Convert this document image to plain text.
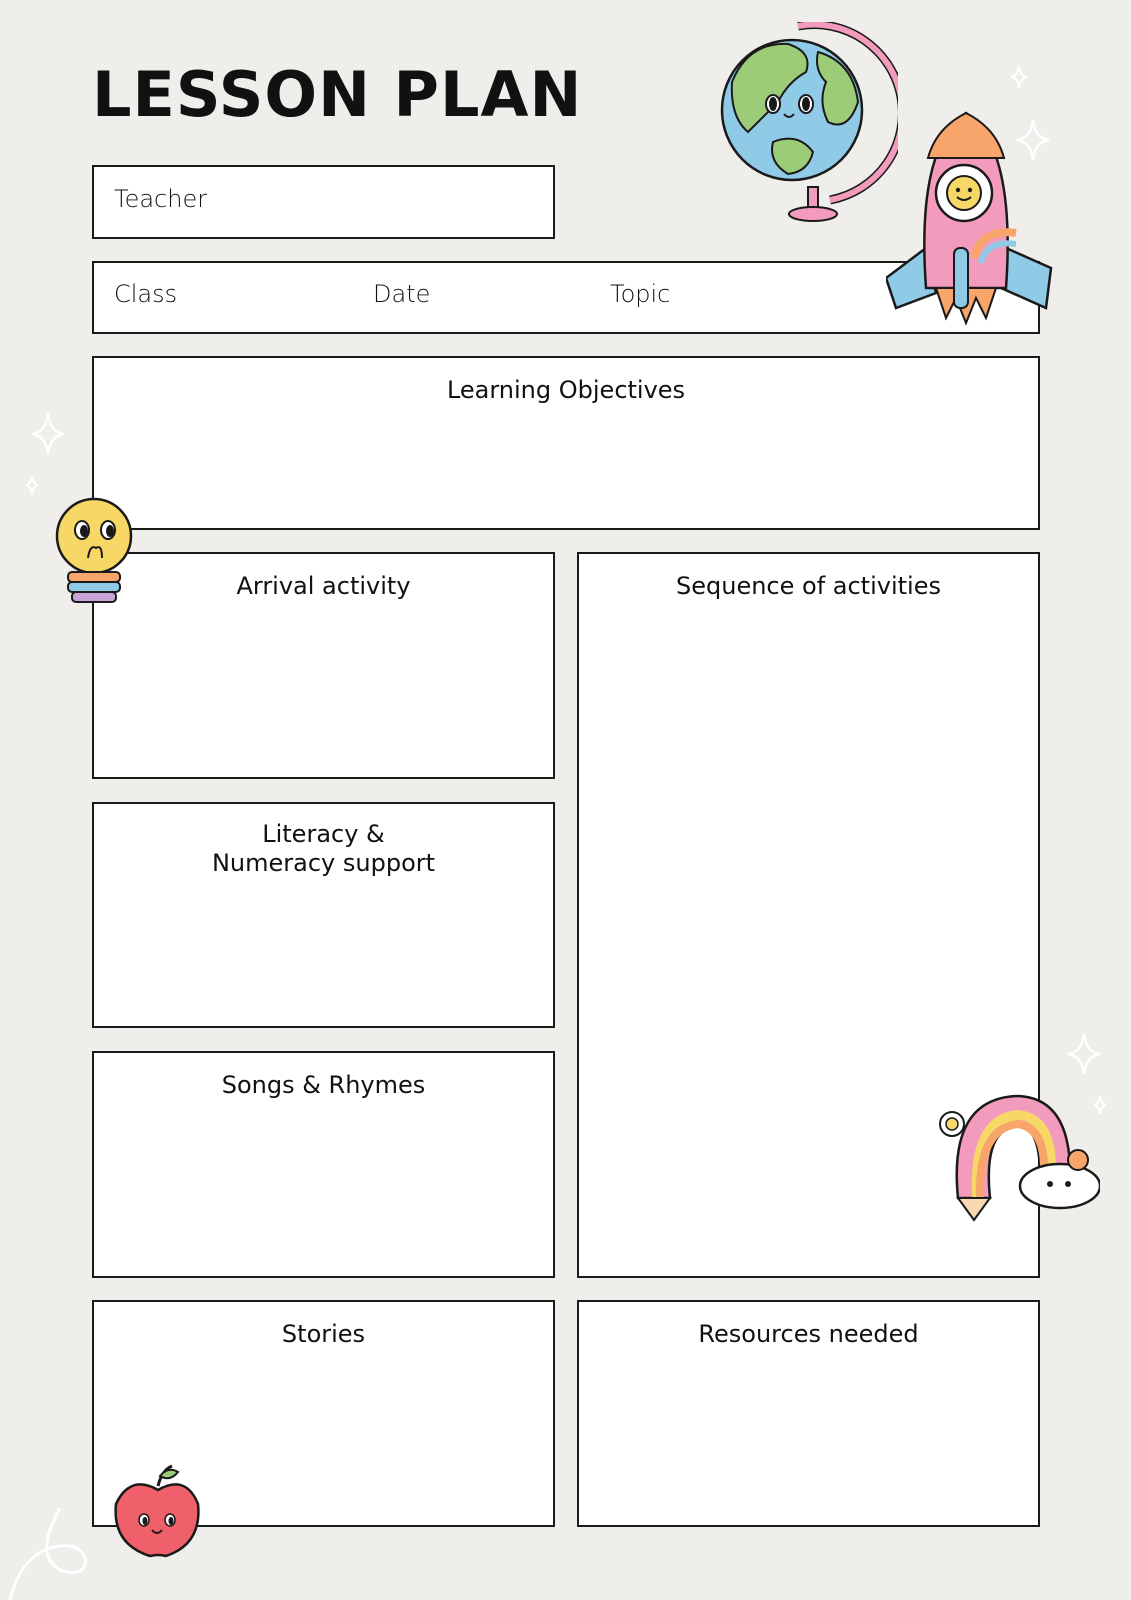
LESSON PLAN
Teacher
Class	Date	Topic
Learning Objectives
Arrival activity
Literacy &
Numeracy support
Songs & Rhymes
Stories
Sequence of activities
Resources needed
